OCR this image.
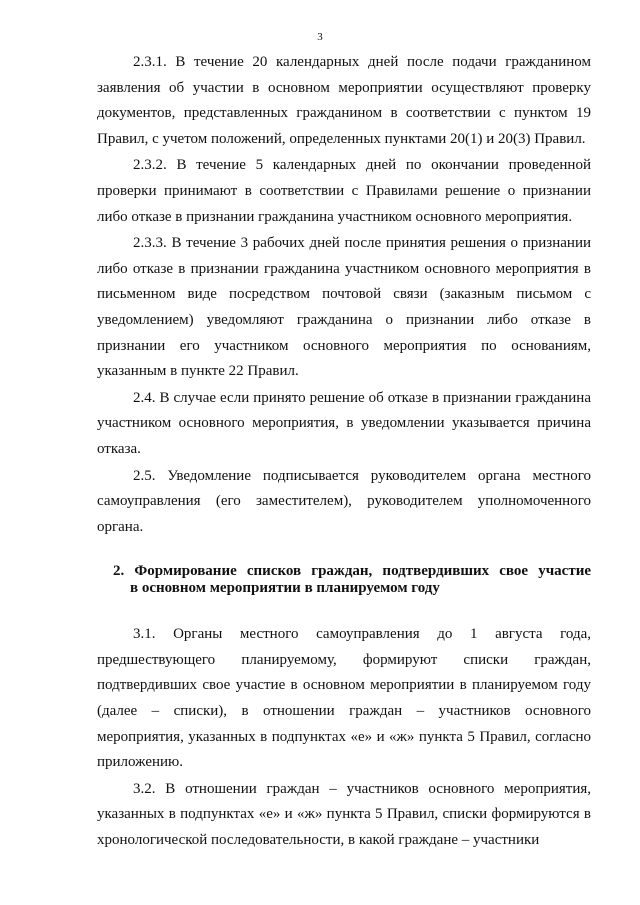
3

2.3.1. В течение 20 календарных дней после подачи гражданином заявления об участии в основном мероприятии осуществляют проверку документов, представленных гражданином в соответствии с пунктом 19 Правил, с учетом положений, определенных пунктами 20(1) и 20(3) Правил.

2.3.2. В течение 5 календарных дней по окончании проведенной проверки принимают в соответствии с Правилами решение о признании либо отказе в признании гражданина участником основного мероприятия.

2.3.3. В течение 3 рабочих дней после принятия решения о признании либо отказе в признании гражданина участником основного мероприятия в письменном виде посредством почтовой связи (заказным письмом с уведомлением) уведомляют гражданина о признании либо отказе в признании его участником основного мероприятия по основаниям, указанным в пункте 22 Правил.

2.4. В случае если принято решение об отказе в признании гражданина участником основного мероприятия, в уведомлении указывается причина отказа.

2.5. Уведомление подписывается руководителем органа местного самоуправления (его заместителем), руководителем уполномоченного органа.

2. Формирование списков граждан, подтвердивших свое участие
в основном мероприятии в планируемом году

3.1. Органы местного самоуправления до 1 августа года, предшествующего планируемому, формируют списки граждан, подтвердивших свое участие в основном мероприятии в планируемом году (далее – списки), в отношении граждан – участников основного мероприятия, указанных в подпунктах «е» и «ж» пункта 5 Правил, согласно приложению.

3.2. В отношении граждан – участников основного мероприятия, указанных в подпунктах «е» и «ж» пункта 5 Правил, списки формируются в хронологической последовательности, в какой граждане – участники
